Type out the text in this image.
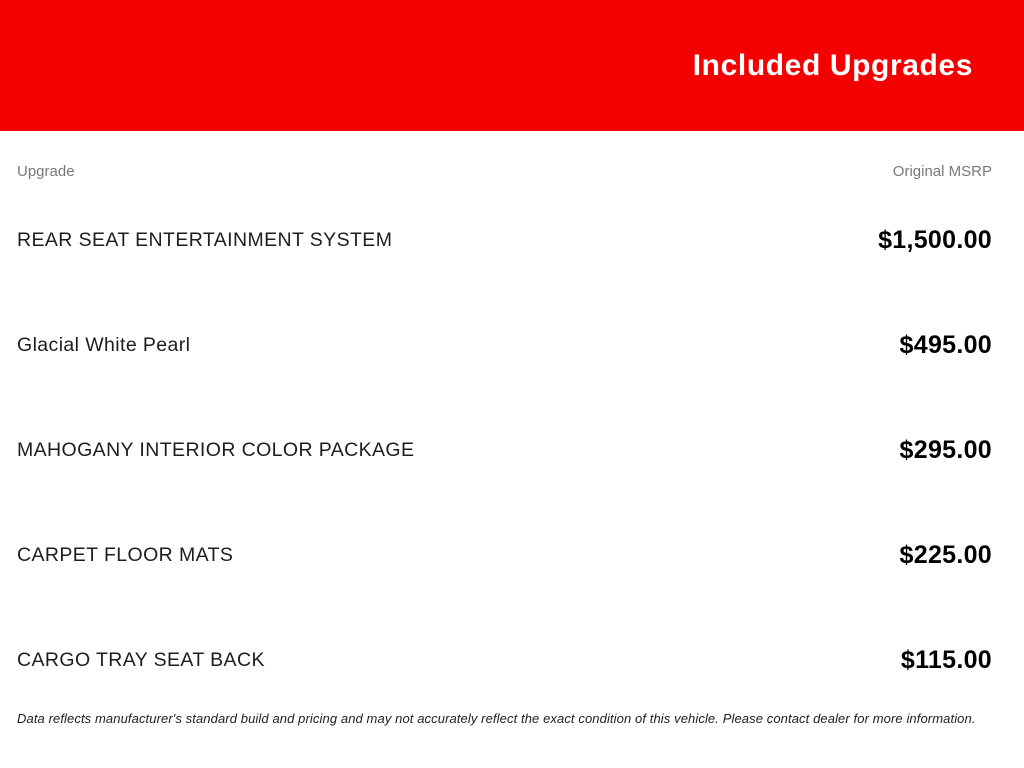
Included Upgrades
Upgrade	Original MSRP
REAR SEAT ENTERTAINMENT SYSTEM	$1,500.00
Glacial White Pearl	$495.00
MAHOGANY INTERIOR COLOR PACKAGE	$295.00
CARPET FLOOR MATS	$225.00
CARGO TRAY SEAT BACK	$115.00
Data reflects manufacturer's standard build and pricing and may not accurately reflect the exact condition of this vehicle. Please contact dealer for more information.
